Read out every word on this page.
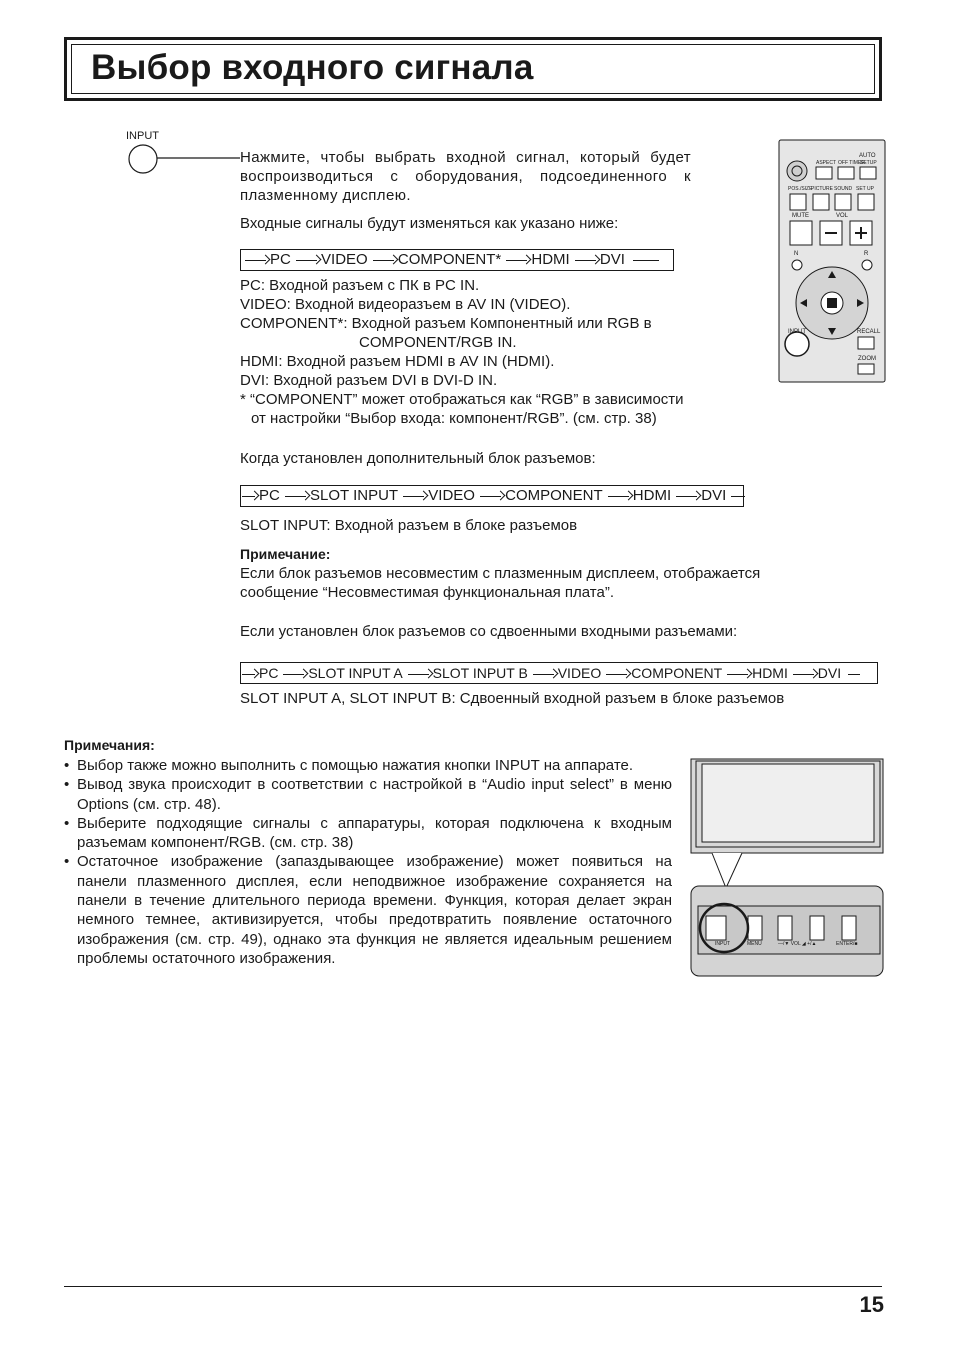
Выбор входного сигнала
INPUT
Нажмите, чтобы выбрать входной сигнал, который будет воспроизводиться с оборудования, подсоединенного к плазменному дисплею.
Входные сигналы будут изменяться как указано ниже:
PC VIDEO COMPONENT* HDMI DVI
PC: Входной разъем с ПК в PC IN.
VIDEO: Входной видеоразъем в AV IN (VIDEO).
COMPONENT*: Входной разъем Компонентный или RGB в
COMPONENT/RGB IN.
HDMI: Входной разъем HDMI в AV IN (HDMI).
DVI: Входной разъем DVI в DVI-D IN.
* “COMPONENT” может отображаться как “RGB” в зависимости
от настройки “Выбор входа: компонент/RGB”. (см. стр. 38)
Когда установлен дополнительный блок разъемов:
PC SLOT INPUT VIDEO COMPONENT HDMI DVI
SLOT INPUT: Входной разъем в блоке разъемов
Примечание:
Если блок разъемов несовместим с плазменным дисплеем, отображается сообщение “Несовместимая функциональная плата”.
Если установлен блок разъемов со сдвоенными входными разъемами:
PC SLOT INPUT A SLOT INPUT B VIDEO COMPONENT HDMI DVI
SLOT INPUT A, SLOT INPUT B: Сдвоенный входной разъем в блоке разъемов
Примечания:
• Выбор также можно выполнить с помощью нажатия кнопки INPUT на аппарате.
• Вывод звука происходит в соответствии с настройкой в “Audio input select” в меню Options (см. стр. 48).
• Выберите подходящие сигналы с аппаратуры, которая подключена к входным разъемам компонент/RGB. (см. стр. 38)
• Остаточное изображение (запаздывающее изображение) может появиться на панели плазменного дисплея, если неподвижное изображение сохраняется на панели в течение длительного периода времени. Функция, которая делает экран немного темнее, активизируется, чтобы предотвратить появление остаточного изображения (см. стр. 49), однако эта функция не является идеальным решением проблемы остаточного изображения.
AUTO
ASPECT OFF TIMER
SETUP
POS./SIZE
PICTURE SOUND SET UP
MUTE	VOL
N	R
INPUT	RECALL
ZOOM
INPUT	MENU	—/▼ VOL ◢ +/▲	ENTER/■
15
